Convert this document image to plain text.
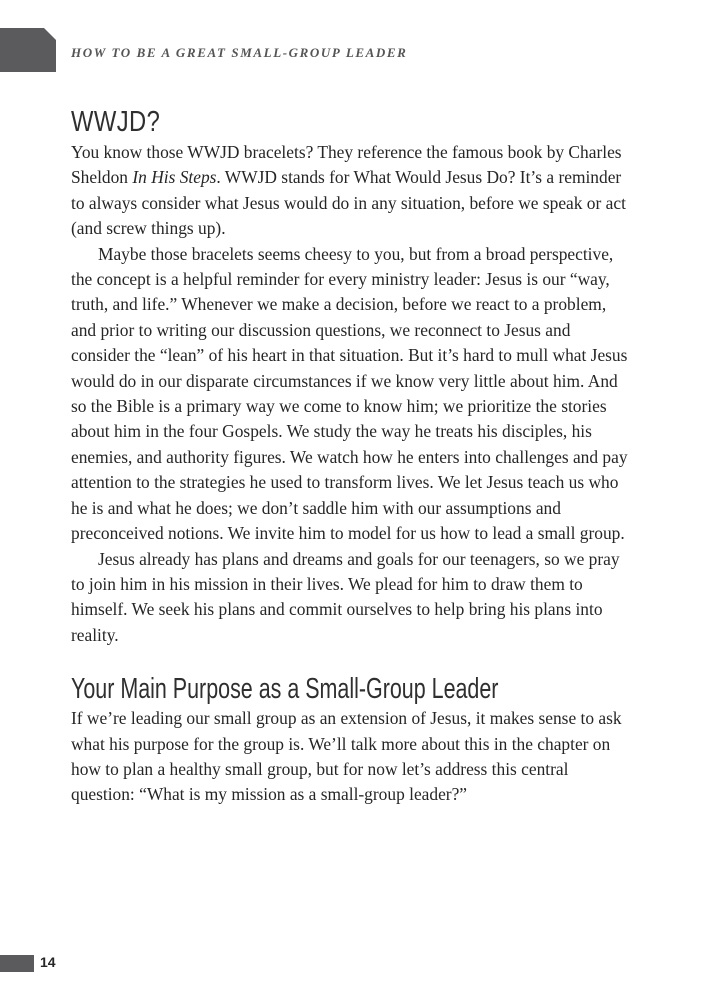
HOW TO BE A GREAT SMALL-GROUP LEADER
WWJD?

You know those WWJD bracelets? They reference the famous book by Charles Sheldon In His Steps. WWJD stands for What Would Jesus Do? It’s a reminder to always consider what Jesus would do in any situation, before we speak or act (and screw things up).

Maybe those bracelets seems cheesy to you, but from a broad perspective, the concept is a helpful reminder for every ministry leader: Jesus is our “way, truth, and life.” Whenever we make a decision, before we react to a problem, and prior to writing our discussion questions, we reconnect to Jesus and consider the “lean” of his heart in that situation. But it’s hard to mull what Jesus would do in our disparate circumstances if we know very little about him. And so the Bible is a primary way we come to know him; we prioritize the stories about him in the four Gospels. We study the way he treats his disciples, his enemies, and authority figures. We watch how he enters into challenges and pay attention to the strategies he used to transform lives. We let Jesus teach us who he is and what he does; we don’t saddle him with our assumptions and preconceived notions. We invite him to model for us how to lead a small group.

Jesus already has plans and dreams and goals for our teenagers, so we pray to join him in his mission in their lives. We plead for him to draw them to himself. We seek his plans and commit ourselves to help bring his plans into reality.

Your Main Purpose as a Small-Group Leader

If we’re leading our small group as an extension of Jesus, it makes sense to ask what his purpose for the group is. We’ll talk more about this in the chapter on how to plan a healthy small group, but for now let’s address this central question: “What is my mission as a small-group leader?”

14
